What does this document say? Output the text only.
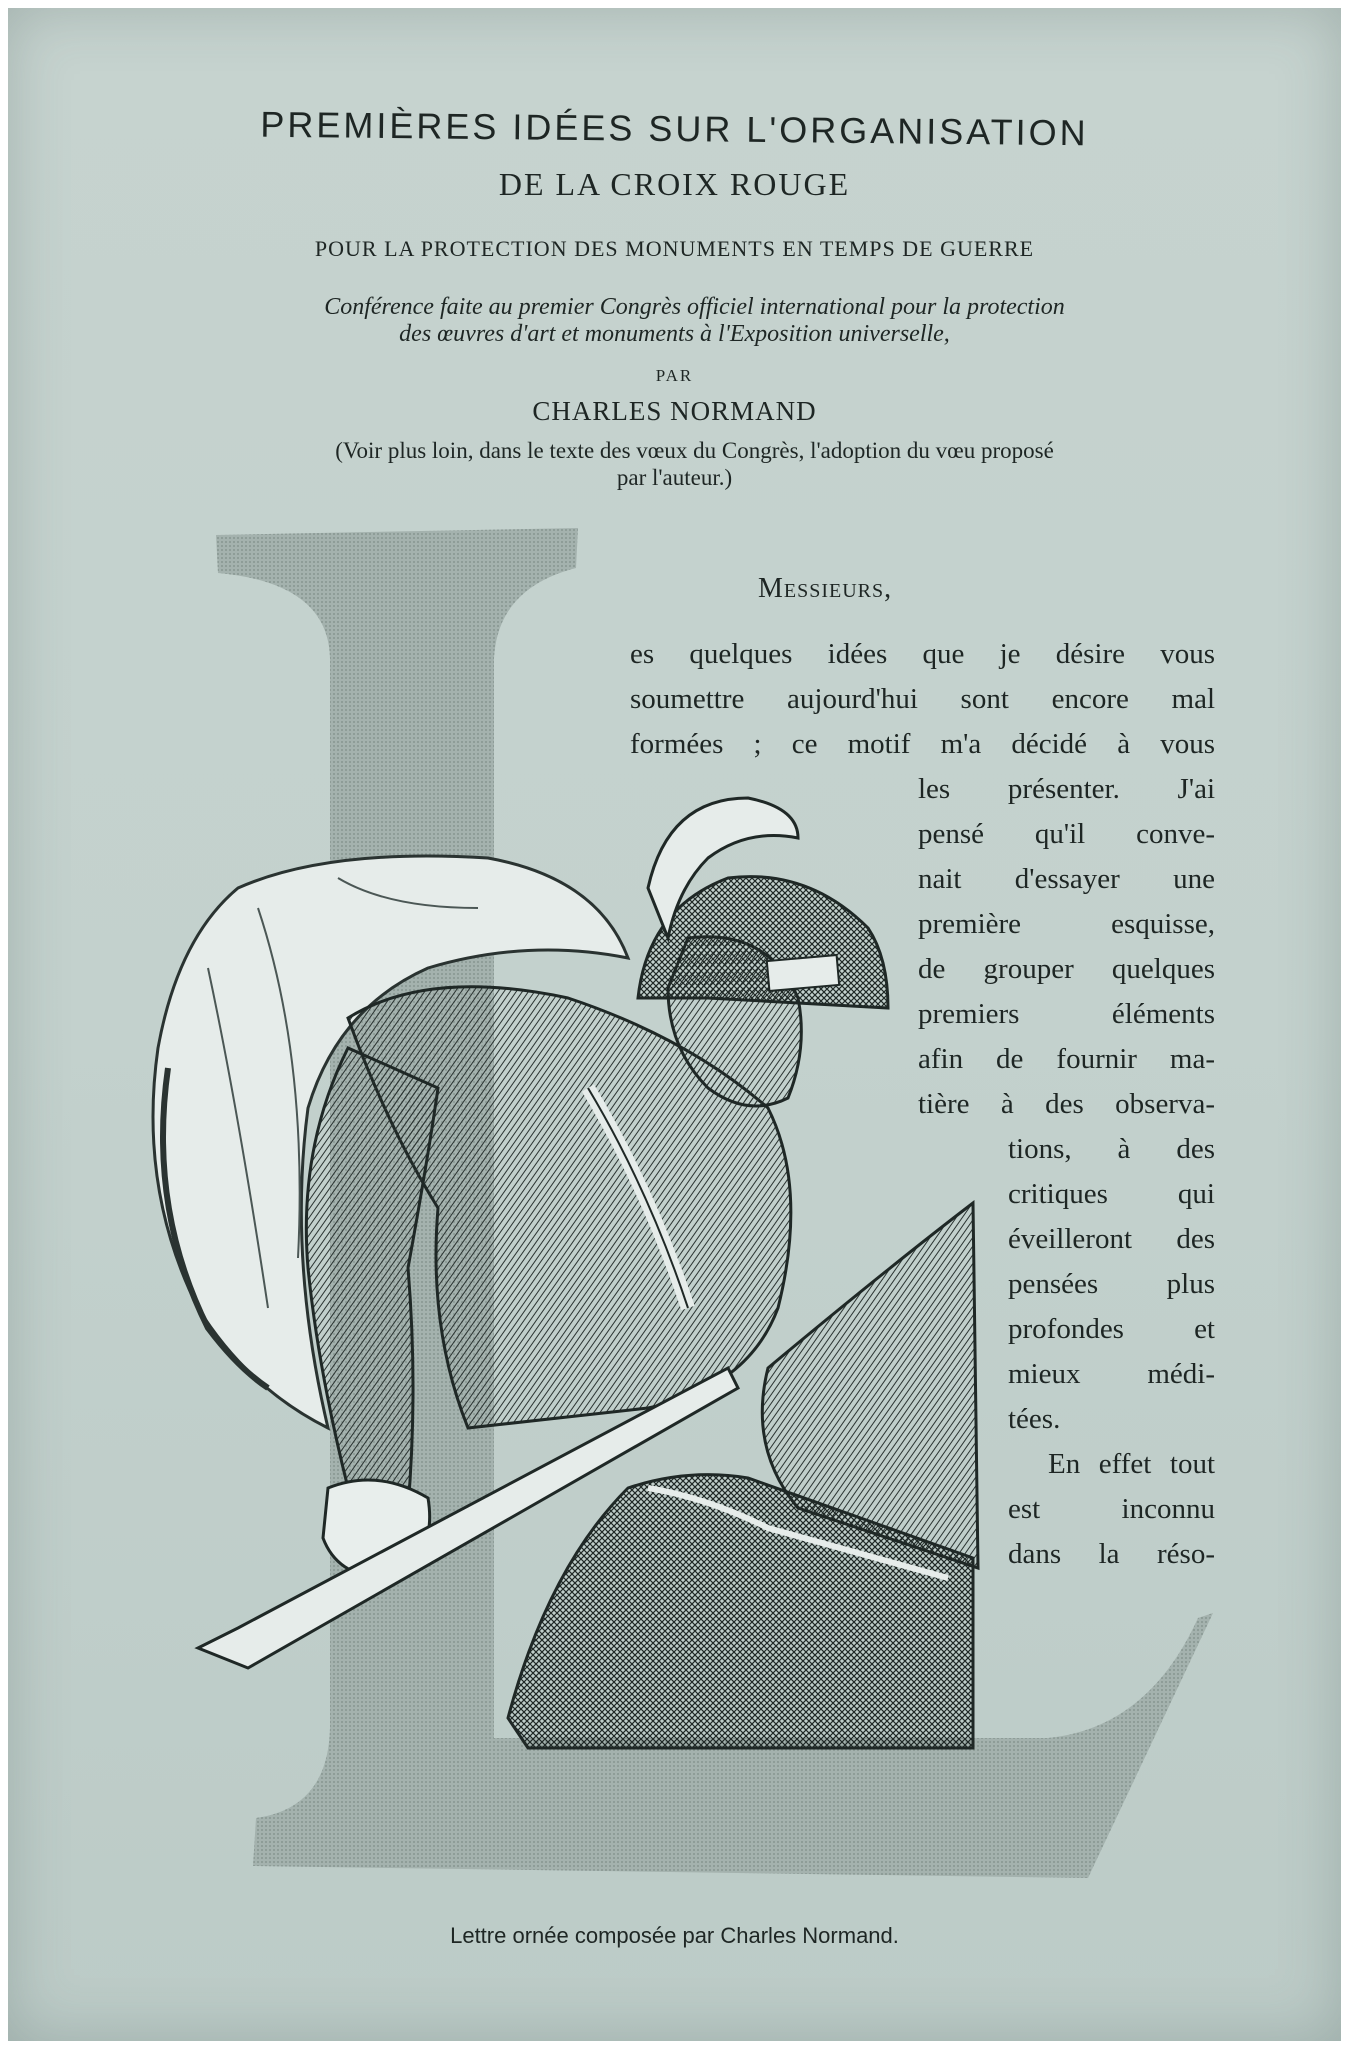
PREMIÈRES IDÉES SUR L'ORGANISATION
DE LA CROIX ROUGE
POUR LA PROTECTION DES MONUMENTS EN TEMPS DE GUERRE
Conférence faite au premier Congrès officiel international pour la protection
des œuvres d'art et monuments à l'Exposition universelle,
PAR
CHARLES NORMAND
(Voir plus loin, dans le texte des vœux du Congrès, l'adoption du vœu proposé
par l'auteur.)
Messieurs,
es quelques idées que je désire vous
soumettre aujourd'hui sont encore mal
formées ; ce motif m'a décidé à vous
les présenter. J'ai
pensé qu'il conve-
nait d'essayer une
première esquisse,
de grouper quelques
premiers éléments
afin de fournir ma-
tière à des observa-
tions, à des
critiques qui
éveilleront des
pensées plus
profondes et
mieux médi-
tées.
En effet tout
est inconnu
dans la réso-
Lettre ornée composée par Charles Normand.
